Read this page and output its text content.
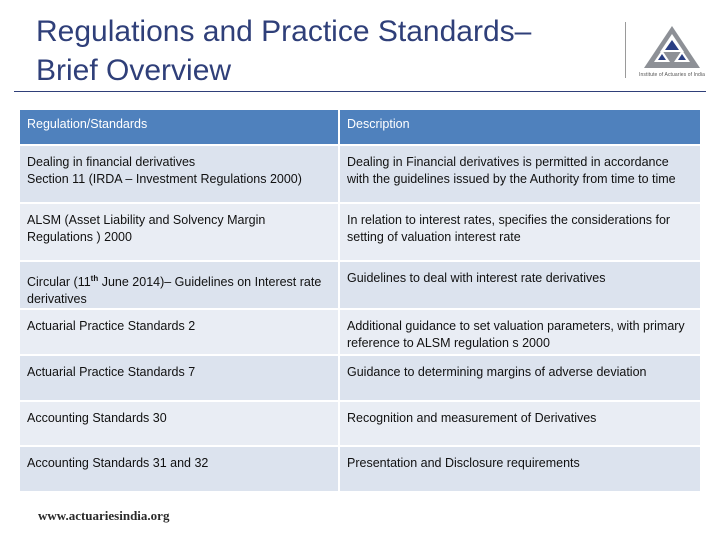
Regulations and Practice Standards–
Brief Overview	Institute of Actuaries of India
Regulation/Standards	Description

Dealing in financial derivatives
Section 11 (IRDA – Investment Regulations 2000)	Dealing in Financial derivatives is permitted in accordance with the guidelines issued by the Authority from time to time

ALSM (Asset Liability and Solvency Margin Regulations ) 2000	In relation to interest rates, specifies the considerations for setting of valuation interest rate
Circular (11th June 2014)– Guidelines on Interest rate derivatives	Guidelines to deal with interest rate derivatives

Actuarial Practice Standards 2	Additional guidance to set valuation parameters, with primary reference to ALSM regulation s 2000

Actuarial Practice Standards 7	Guidance to determining margins of adverse deviation

Accounting Standards 30	Recognition and measurement of Derivatives

Accounting Standards 31 and 32	Presentation and Disclosure requirements
www.actuariesindia.org
